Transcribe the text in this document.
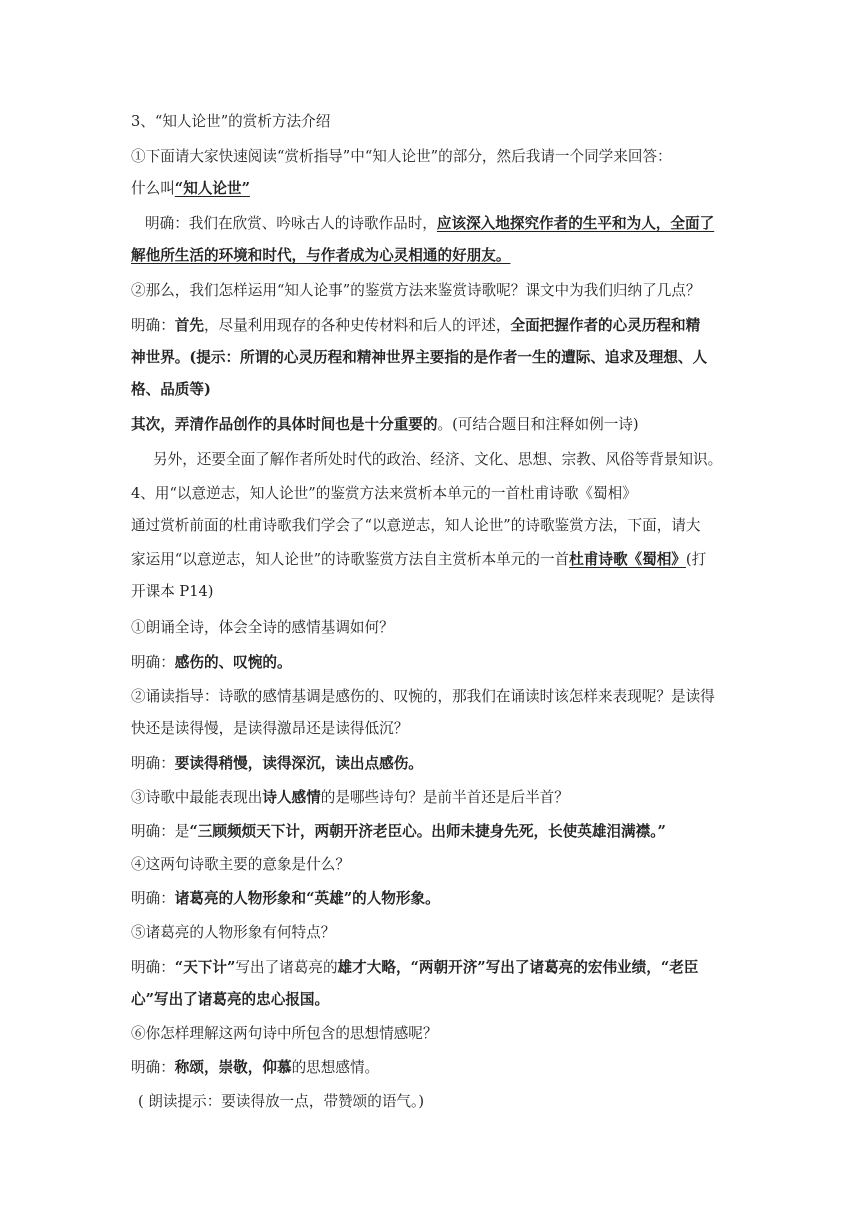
3、“知人论世”的赏析方法介绍
①下面请大家快速阅读“赏析指导”中“知人论世”的部分，然后我请一个同学来回答：
什么叫“知人论世”
明确：我们在欣赏、吟咏古人的诗歌作品时，应该深入地探究作者的生平和为人，全面了
解他所生活的环境和时代，与作者成为心灵相通的好朋友。
②那么，我们怎样运用“知人论事”的鉴赏方法来鉴赏诗歌呢？课文中为我们归纳了几点？
明确：首先，尽量利用现存的各种史传材料和后人的评述，全面把握作者的心灵历程和精
神世界。(提示：所谓的心灵历程和精神世界主要指的是作者一生的遭际、追求及理想、人
格、品质等)
其次，弄清作品创作的具体时间也是十分重要的。(可结合题目和注释如例一诗)
另外，还要全面了解作者所处时代的政治、经济、文化、思想、宗教、风俗等背景知识。
4、用“以意逆志，知人论世”的鉴赏方法来赏析本单元的一首杜甫诗歌《蜀相》
通过赏析前面的杜甫诗歌我们学会了“以意逆志，知人论世”的诗歌鉴赏方法，下面，请大
家运用“以意逆志，知人论世”的诗歌鉴赏方法自主赏析本单元的一首杜甫诗歌《蜀相》(打
开课本 P14)
①朗诵全诗，体会全诗的感情基调如何？
明确：感伤的、叹惋的。
②诵读指导：诗歌的感情基调是感伤的、叹惋的，那我们在诵读时该怎样来表现呢？是读得
快还是读得慢，是读得激昂还是读得低沉？
明确：要读得稍慢，读得深沉，读出点感伤。
③诗歌中最能表现出诗人感情的是哪些诗句？是前半首还是后半首？
明确：是“三顾频烦天下计，两朝开济老臣心。出师未捷身先死，长使英雄泪满襟。”
④这两句诗歌主要的意象是什么？
明确：诸葛亮的人物形象和“英雄”的人物形象。
⑤诸葛亮的人物形象有何特点？
明确：“天下计”写出了诸葛亮的雄才大略，“两朝开济”写出了诸葛亮的宏伟业绩，“老臣
心”写出了诸葛亮的忠心报国。
⑥你怎样理解这两句诗中所包含的思想情感呢？
明确：称颂，崇敬，仰慕的思想感情。
( 朗读提示：要读得放一点，带赞颂的语气。)
